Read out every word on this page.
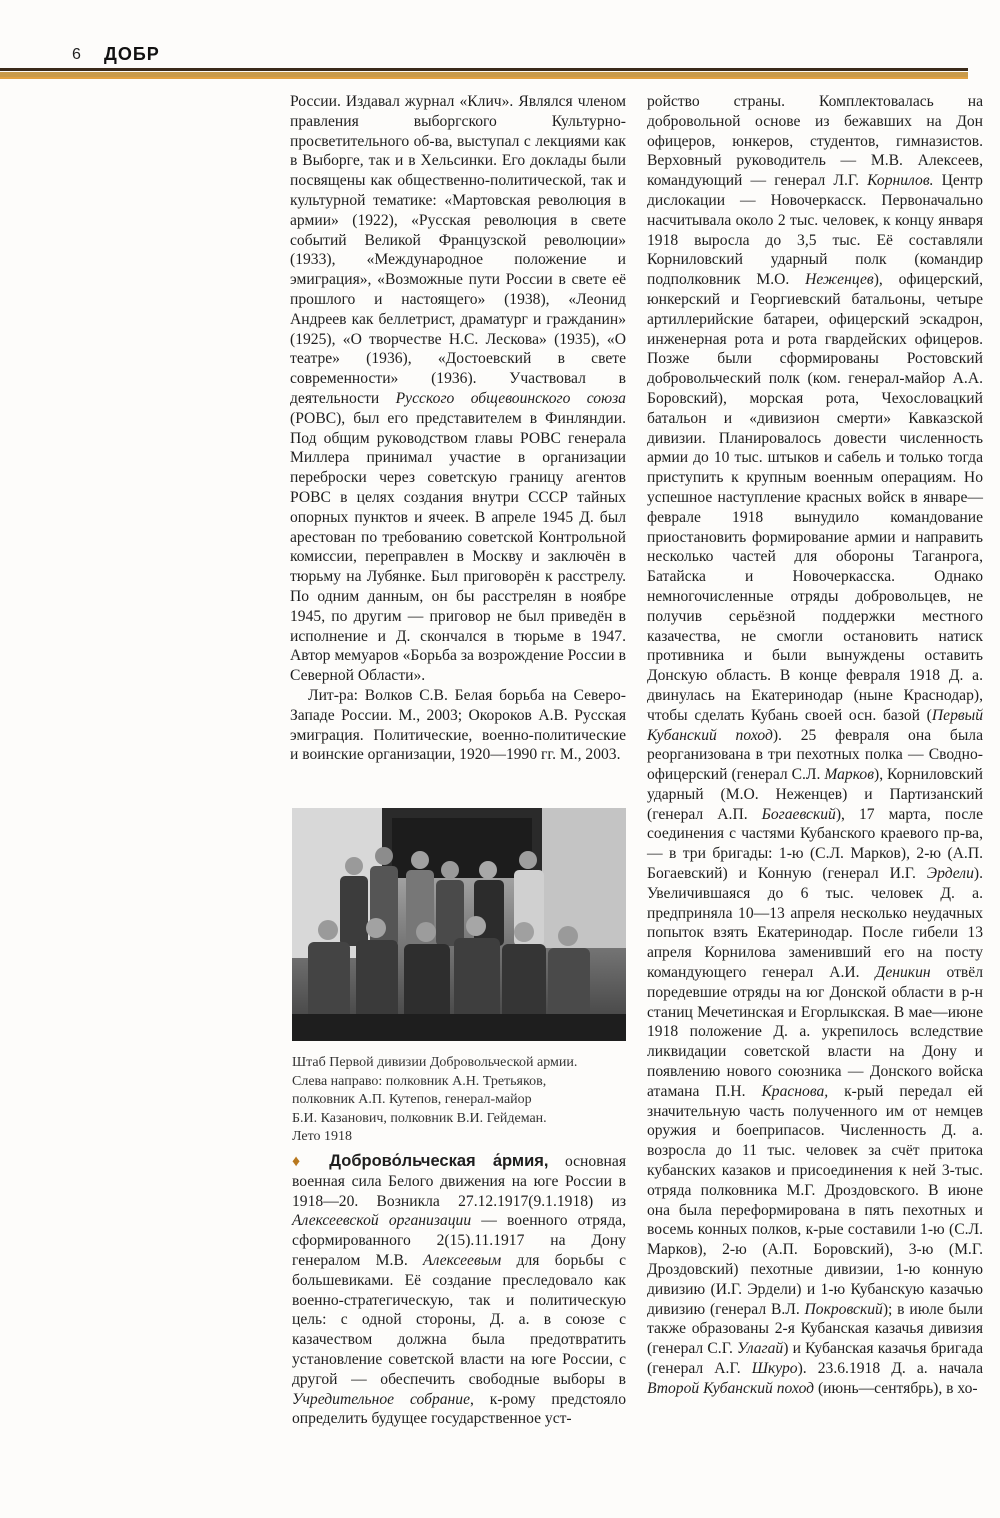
6 ДОБР

России. Издавал журнал «Клич». Являлся членом правления выборгского Культурно-просветительного об-ва, выступал с лекциями как в Выборге, так и в Хельсинки. Его доклады были посвящены как общественно-политической, так и культурной тематике: «Мартовская революция в армии» (1922), «Русская революция в свете событий Великой Французской революции» (1933), «Международное положение и эмиграция», «Возможные пути России в свете её прошлого и настоящего» (1938), «Леонид Андреев как беллетрист, драматург и гражданин» (1925), «О творчестве Н.С. Лескова» (1935), «О театре» (1936), «Достоевский в свете современности» (1936). Участвовал в деятельности Русского общевоинского союза (РОВС), был его представителем в Финляндии. Под общим руководством главы РОВС генерала Миллера принимал участие в организации переброски через советскую границу агентов РОВС в целях создания внутри СССР тайных опорных пунктов и ячеек. В апреле 1945 Д. был арестован по требованию советской Контрольной комиссии, переправлен в Москву и заключён в тюрьму на Лубянке. Был приговорён к расстрелу. По одним данным, он бы расстрелян в ноябре 1945, по другим — приговор не был приведён в исполнение и Д. скончался в тюрьме в 1947. Автор мемуаров «Борьба за возрождение России в Северной Области».

Лит-ра: Волков С.В. Белая борьба на Северо-Западе России. М., 2003; Окороков А.В. Русская эмиграция. Политические, военно-политические и воинские организации, 1920—1990 гг. М., 2003.

Штаб Первой дивизии Добровольческой армии.
Слева направо: полковник А.Н. Третьяков,
полковник А.П. Кутепов, генерал-майор
Б.И. Казанович, полковник В.И. Гейдеман.
Лето 1918
♦ Доброво́льческая а́рмия, основная военная сила Белого движения на юге России в 1918—20. Возникла 27.12.1917(9.1.1918) из Алексеевской организации — военного отряда, сформированного 2(15).11.1917 на Дону генералом М.В. Алексеевым для борьбы с большевиками. Её создание преследовало как военно-стратегическую, так и политическую цель: с одной стороны, Д. а. в союзе с казачеством должна была предотвратить установление советской власти на юге России, с другой — обеспечить свободные выборы в Учредительное собрание, к-рому предстояло определить будущее государственное уст-

ройство страны. Комплектовалась на добровольной основе из бежавших на Дон офицеров, юнкеров, студентов, гимназистов. Верховный руководитель — М.В. Алексеев, командующий — генерал Л.Г. Корнилов. Центр дислокации — Новочеркасск. Первоначально насчитывала около 2 тыс. человек, к концу января 1918 выросла до 3,5 тыс. Её составляли Корниловский ударный полк (командир подполковник М.О. Неженцев), офицерский, юнкерский и Георгиевский батальоны, четыре артиллерийские батареи, офицерский эскадрон, инженерная рота и рота гвардейских офицеров. Позже были сформированы Ростовский добровольческий полк (ком. генерал-майор А.А. Боровский), морская рота, Чехословацкий батальон и «дивизион смерти» Кавказской дивизии. Планировалось довести численность армии до 10 тыс. штыков и сабель и только тогда приступить к крупным военным операциям. Но успешное наступление красных войск в январе—феврале 1918 вынудило командование приостановить формирование армии и направить несколько частей для обороны Таганрога, Батайска и Новочеркасска. Однако немногочисленные отряды добровольцев, не получив серьёзной поддержки местного казачества, не смогли остановить натиск противника и были вынуждены оставить Донскую область. В конце февраля 1918 Д. а. двинулась на Екатеринодар (ныне Краснодар), чтобы сделать Кубань своей осн. базой (Первый Кубанский поход). 25 февраля она была реорганизована в три пехотных полка — Сводно-офицерский (генерал С.Л. Марков), Корниловский ударный (М.О. Неженцев) и Партизанский (генерал А.П. Богаевский), 17 марта, после соединения с частями Кубанского краевого пр-ва,— в три бригады: 1-ю (С.Л. Марков), 2-ю (А.П. Богаевский) и Конную (генерал И.Г. Эрдели). Увеличившаяся до 6 тыс. человек Д. а. предприняла 10—13 апреля несколько неудачных попыток взять Екатеринодар. После гибели 13 апреля Корнилова заменивший его на посту командующего генерал А.И. Деникин отвёл поредевшие отряды на юг Донской области в р-н станиц Мечетинская и Егорлыкская. В мае—июне 1918 положение Д. а. укрепилось вследствие ликвидации советской власти на Дону и появлению нового союзника — Донского войска атамана П.Н. Краснова, к-рый передал ей значительную часть полученного им от немцев оружия и боеприпасов. Численность Д. а. возросла до 11 тыс. человек за счёт притока кубанских казаков и присоединения к ней 3-тыс. отряда полковника М.Г. Дроздовского. В июне она была переформирована в пять пехотных и восемь конных полков, к-рые составили 1-ю (С.Л. Марков), 2-ю (А.П. Боровский), 3-ю (М.Г. Дроздовский) пехотные дивизии, 1-ю конную дивизию (И.Г. Эрдели) и 1-ю Кубанскую казачью дивизию (генерал В.Л. Покровский); в июле были также образованы 2-я Кубанская казачья дивизия (генерал С.Г. Улагай) и Кубанская казачья бригада (генерал А.Г. Шкуро). 23.6.1918 Д. а. начала Второй Кубанский поход (июнь—сентябрь), в хо-
